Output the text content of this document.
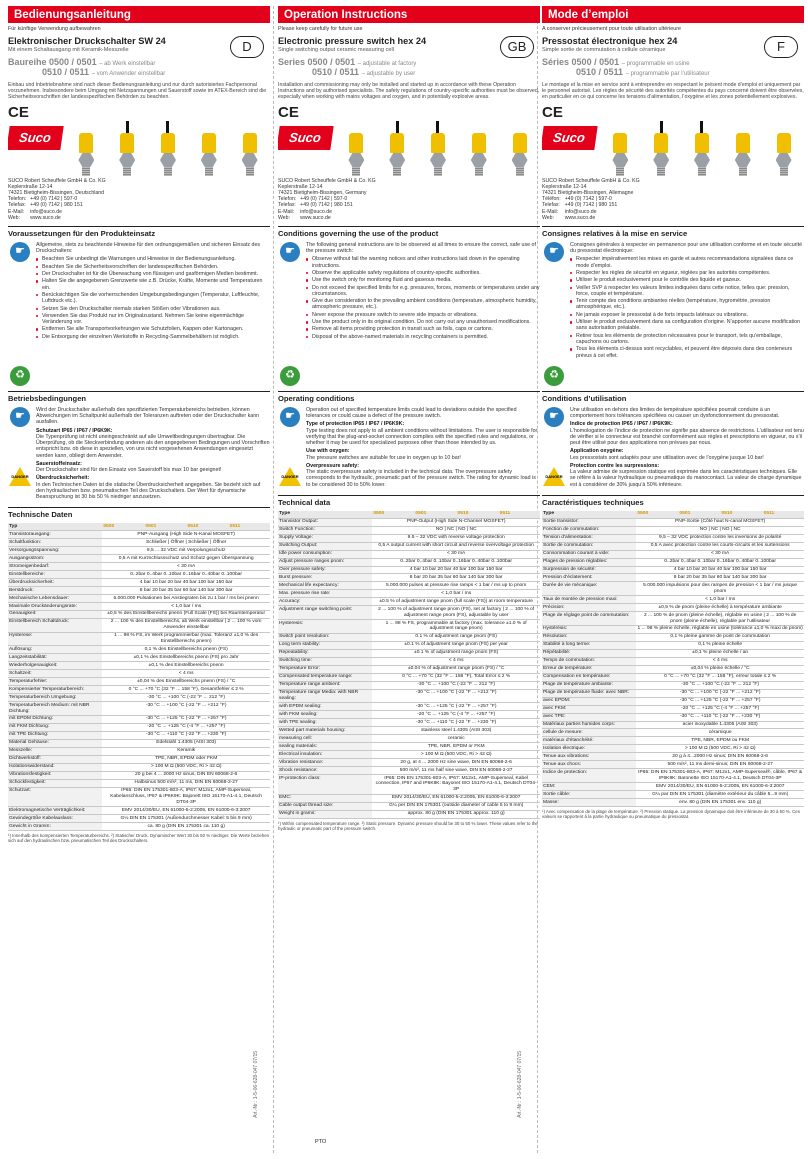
Bedienungsanleitung
Für künftige Verwendung aufbewahren
D
Elektronischer Druckschalter SW 24
Mit einem Schaltausgang mit Keramik-Messzelle
Baureihe 0500 / 0501 – ab Werk einstellbar
0510 / 0511 – vom Anwender einstellbar
Einbau und Inbetriebnahme sind nach dieser Bedienungsanleitung und nur durch autorisiertes Fachpersonal vorzunehmen. Insbesondere beim Umgang mit Netzspannungen und Sauerstoff sowie im ATEX-Bereich sind die Sicherheitsvorschriften der landesspezifischen Behörden zu beachten.
CE
Suco
SUCO Robert Scheuffele GmbH & Co. KG
Keplerstraße 12-14
74321 Bietigheim-Bissingen, Deutschland
Telefon:	+49 (0) 7142 | 597-0
Telefax:	+49 (0) 7142 | 980 151
E-Mail:	info@suco.de
Web:	www.suco.de
Voraussetzungen für den Produkteinsatz
☛
♻

Allgemeine, stets zu beachtende Hinweise für den ordnungsgemäßen und sicheren Einsatz des Druckschalters:

Beachten Sie unbedingt die Warnungen und Hinweise in der Bedienungsanleitung.
Beachten Sie die Sicherheitsvorschriften der landesspezifischen Behörden.
Der Druckschalter ist für die Überwachung von flüssigen und gasförmigen Medien bestimmt.
Halten Sie die angegebenen Grenzwerte wie z.B. Drücke, Kräfte, Momente und Temperaturen ein.
Berücksichtigen Sie die vorherrschenden Umgebungsbedingungen (Temperatur, Luftfeuchte, Luftdruck etc.).
Setzen Sie den Druckschalter niemals starken Stößen oder Vibrationen aus.
Verwenden Sie das Produkt nur im Originalzustand. Nehmen Sie keine eigenmächtige Veränderung vor.
Entfernen Sie alle Transportvorkehrungen wie Schutzfolien, Kappen oder Kartonagen.
Die Entsorgung der einzelnen Werkstoffe in Recycling-Sammelbehältern ist möglich.
Betriebsbedingungen
☛
DANGER

Wird der Druckschalter außerhalb des spezifizierten Temperaturbereichs betrieben, können Abweichungen im Schaltpunkt außerhalb der Toleranzen auftreten oder der Druckschalter kann ausfallen.

Schutzart IP65 / IP67 / IP6K9K:
Die Typenprüfung ist nicht uneingeschränkt auf alle Umweltbedingungen übertragbar. Die Überprüfung, ob die Steckverbindung anderen als den angegebenen Bedingungen und Vorschriften entspricht bzw. ob diese in speziellen, von uns nicht vorgesehenen Anwendungen eingesetzt werden kann, obliegt dem Anwender.

Sauerstoffeinsatz:
Der Druckschalter sind für den Einsatz von Sauerstoff bis max 10 bar geeignet!

Überdrucksicherheit:
In den Technischen Daten ist die statische Überdrucksicherheit angegeben. Sie bezieht sich auf den hydraulischen bzw. pneumatischen Teil des Druckschalters. Der Wert für dynamische Beanspruchung ist 30 bis 50 % niedriger anzusetzen.

Technische Daten
Typ	0500	0501	0510	0511
Transistorausgang:	PNP-Ausgang (High Side N-Kanal MOSFET)			
Schaltfunktion:	Schließer | Öffner | Schließer | Öffner			
Versorgungsspannung:	9,5 ... 32 VDC mit Verpolungsschutz			
Ausgangsstrom:	0,5 A mit Kurzschlussschutz und Schutz gegen Überspannung			
Stromeigenbedarf:	< 30 mA			
Einstellbereiche:	0..2bar 0..4bar 0..10bar 0..16bar 0..40bar 0..100bar			
Überdrucksicherheit:	4 bar 10 bar 20 bar 40 bar 100 bar 150 bar			
Berstdruck:	8 bar 20 bar 35 bar 60 bar 140 bar 300 bar			
Mechanische Lebensdauer:	5.000.000 Pulsationen bei Anstiegraten bis zu 1 bar / ms bei pnenn			
Maximale Druckänderungsrate:	< 1,0 bar / ms			
Genauigkeit:	±0,5 % des Einstellbereichs pnenn (Full Scale (FS)) bei Raumtemperatur			
Einstellbereich Schaltdruck:	2 ... 100 % des Einstellbereichs, ab Werk einstellbar | 2 ... 100 % vom Anwender einstellbar			
Hysterese:	1 ... 98 % FS, im Werk programmierbar (max. Toleranz ±1,0 % des Einstellbereichs pnenn)			
Auflösung:	0,1 % des Einstellbereichs pnenn (FS)			
Langzeitstabilität:	±0,1 % des Einstellbereichs pnenn (FS) pro Jahr			
Wiederholgenauigkeit:	±0,1 % des Einstellbereichs pnenn			
Schaltzeit:	< 4 ms			
Temperaturfehler:	±0,04 % des Einstellbereichs pnenn (FS) / °C			
Kompensierter Temperaturbereich:	0 °C ... +70 °C (32 °F ... 158 °F), Gesamtfehler ≤ 2 %			
Temperaturbereich Umgebung:	-30 °C ... +100 °C (-22 °F ... 212 °F)			
Temperaturbereich Medium: mit NBR Dichtung:	-30 °C ... +100 °C (-22 °F ... +212 °F)			
mit EPDM Dichtung:	-30 °C ... +125 °C (-22 °F ... +257 °F)			
mit FKM Dichtung:	-20 °C ... +125 °C (-4 °F ... +257 °F)			
mit TPE Dichtung:	-30 °C ... +110 °C (-22 °F ... +230 °F)			
Material Gehäuse:	Edelstahl 1.4305 (AISI 303)			
Messzelle:	Keramik			
Dichtwerkstoff:	TPE, NBR, EPDM oder FKM			
Isolationswiderstand:	> 100 M Ω (500 VDC, Ri > 42 Ω)			
Vibrationsfestigkeit:	20 g bei 4 ... 2000 Hz sinus, DIN EN 60068-2-6			
Schockfestigkeit:	Halbsinus 500 m/s², 11 ms, DIN EN 60068-2-27			
Schutzart:	IP65: DIN EN 175301-803-A, IP67: M12x1, AMP-Superseal, Kabelanschluss, IP67 & IP6K9K: Bajonett ISO 15170-A1-4.1, Deutsch DT04-3P			
Elektromagnetische Verträglichkeit:	EMV 2014/30/EU, EN 61000-5-2:2005, EN 61000-6-3:2007			
Gewindegröße Kabelauslass:	G¼ DIN EN 175301 (Außendurchmesser Kabel: 5 bis 9 mm)			
Gewicht in Gramm:	ca. 80 g (DIN EN 175301 ca. 110 g)			
¹) Innerhalb des kompensierten Temperaturbereichs. ²) Statischer Druck. Dynamischer Wert 30 bis 50 % niedriger. Die Werte beziehen sich auf den hydraulischen bzw. pneumatischen Teil des Druckschalters.
Operation Instructions
Please keep carefully for future use
GB
Electronic pressure switch hex 24
Single switching output ceramic measuring cell
Series 0500 / 0501 – adjustable at factory
0510 / 0511 – adjustable by user
Installation and commissioning may only be installed and started up in accordance with these Operation Instructions and by authorised specialists. The safety regulations of country-specific authorities must be observed, especially when working with mains voltages and oxygen, and in potentially explosive areas.
CE
Suco
SUCO Robert Scheuffele GmbH & Co. KG
Keplerstraße 12-14
74321 Bietigheim-Bissingen, Germany
Telefon:	+49 (0) 7142 | 597-0
Telefax:	+49 (0) 7142 | 980 151
E-Mail:	info@suco.de
Web:	www.suco.de
Conditions governing the use of the product
☛
♻

The following general instructions are to be observed at all times to ensure the correct, safe use of the pressure switch:

Observe without fail the warning notices and other instructions laid down in the operating instructions.
Observe the applicable safety regulations of country-specific authorities.
Use the switch only for monitoring fluid and gaseous media.
Do not exceed the specified limits for e.g. pressures, forces, moments or temperatures under any circumstances.
Give due consideration to the prevailing ambient conditions (temperature, atmospheric humidity, atmospheric pressure, etc.).
Never expose the pressure switch to severe side impacts or vibrations.
Use the product only in its original condition. Do not carry out any unauthorised modifications.
Remove all items providing protection in transit such as foils, caps or cartons.
Disposal of the above-named materials in recycling containers is permitted.
Operating conditions
☛
DANGER

Operation out of specified temperature limits could lead to deviations outside the specified tolerances or could cause a defect of the pressure switch.

Type of protection IP65 / IP67 / IP6K9K:
Type testing does not apply to all ambient conditions without limitations. The user is responsible for verifying that the plug-and-socket connection complies with the specified rules and regulations, or whether it may be used for specialized purposes other than those intended by us.

Use with oxygen:
The pressure switches are suitable for use in oxygen up to 10 bar!

Overpressure safety:
The static overpressure safety is included in the technical data. The overpressure safety corresponds to the hydraulic, pneumatic part of the pressure switch. The rating for dynamic load is to be considered 30 to 50% lower.

Technical data
Type	0500	0501	0510	0511
Transistor Output:	PNP-Output (High Side N-Channel MOSFET)			
Switch Function:	NO | NC | NO | NC			
Supply Voltage:	9.5 – 32 VDC with reverse voltage protection			
Switching Output:	0,5 A output current with short circuit and reverse overvoltage protection			
Idle power consumption:	< 30 mA			
Adjust pressure ranges pnom:	0..2bar 0..4bar 0..10bar 0..16bar 0..40bar 0..100bar			
Over pressure safety:	4 bar 10 bar 20 bar 40 bar 100 bar 150 bar			
Burst pressure:	8 bar 20 bar 35 bar 60 bar 140 bar 300 bar			
Mechanical life expectancy:	5.000.000 pulses at pressure rise ramps < 1 bar / ms up to pnom			
Max. pressure rise rate:	< 1,0 bar / ms			
Accuracy:	±0.5 % of adjustment range pnom (full scale (FS)) at room temperature			
Adjustment range switching point:	2 ... 100 % of adjustment range pnom (FS), set at factory | 2 ... 100 % of adjustment range pnom (FS), adjustable by user			
Hysteresis:	1 ... 98 % FS, programmable at factory (max. tolerance ±1.0 % of adjustment range pnom)			
Switch point resolution:	0.1 % of adjustment range pnom (FS)			
Long term stability:	±0.1 % of adjustment range pnom (FS) per year			
Repeatability:	±0.1 % of adjustment range pnom (FS)			
Switching time:	< 4 ms			
Temperature Error:	±0.04 % of adjustment range pnom (FS) / °C			
Compensated temperature range:	0 °C ... +70 °C (32 °F ... 158 °F), Total Error ≤ 2 %			
Temperature range ambient:	-30 °C ... +100 °C (-22 °F ... 212 °F)			
Temperature range Media: with NBR sealing:	-30 °C ... +100 °C (-22 °F ... +212 °F)			
with EPDM sealing:	-30 °C ... +125 °C (-22 °F ... +257 °F)			
with FKM sealing:	-20 °C ... +125 °C (-4 °F ... +257 °F)			
with TPE sealing:	-30 °C ... +110 °C (-22 °F ... +230 °F)			
Wetted part materials housing:	stainless steel 1.4305 (AISI 303)			
measuring cell:	ceramic			
sealing materials:	TPE, NBR, EPDM or FKM			
Electrical insulation:	> 100 M Ω (500 VDC, Ri > 42 Ω)			
Vibration resistance:	20 g, at 4 ... 2000 Hz sine wave, DIN EN 60068-2-6			
Shock resistance:	500 m/s², 11 ms half sine wave, DIN EN 60068-2-27			
IP-protection class:	IP65: DIN EN 175301-803-A, IP67: M12x1, AMP-Superseal, Kabel connection, IP67 and IP6K9K: Bayonet ISO 15170-A1-4.1, Deutsch DT04-3P			
EMC:	EMV 2014/30/EU, EN 61000-5-2:2005, EN 61000-6-3:2007			
Cable output thread size:	G¼ per DIN EN 175301 (outside diameter of cable 5 to 9 mm)			
Weight in grams:	approx. 80 g (DIN EN 175301 approx. 110 g)			
¹) Within compensated temperature range. ²) Static pressure. Dynamic pressure should be 30 to 50 % lower. These values refer to the hydraulic or pneumatic part of the pressure switch.
Mode d’emploi
A conserver précieusement pour toute utilisation ultérieure
F
Pressostat électronique hex 24
Simple sortie de commutation à cellule céramique
Séries 0500 / 0501 – programmable en usine
0510 / 0511 – programmable par l’utilisateur
Le montage et la mise en service sont à entreprendre en respectant le présent mode d’emploi et uniquement par le personnel autorisé. Les règles de sécurité des autorités compétentes du pays concerné doivent être observées, en particulier en ce qui concerne les tensions d’alimentation, l’oxygène et les zones potentiellement explosives.
CE
Suco
SUCO Robert Scheuffele GmbH & Co. KG
Keplerstraße 12-14
74321 Bietigheim-Bissingen, Allemagne
Téléfon:	+49 (0) 7142 | 597-0
Telefax:	+49 (0) 7142 | 980 151
E-Mail:	info@suco.de
Web:	www.suco.de
Consignes relatives à la mise en service
☛
♻

Consignes générales à respecter en permanence pour une utilisation conforme et en toute sécurité du pressostat électronique:

Respecter impérativement les mises en garde et autres recommandations signalées dans ce mode d’emploi.
Respecter les règles de sécurité en vigueur, réglées par les autorités compétentes.
Utiliser le produit exclusivement pour le contrôle des liquide et gazeux.
Veiller SVP à respecter les valeurs limites indiquées dans cette notice, telles que: pression, force, couple et température.
Tenir compte des conditions ambiantes réelles (température, hygrométrie, pression atmosphérique, etc.).
Ne jamais exposer le pressostat à de forts impacts latéraux ou vibrations.
Utiliser le produit exclusivement dans sa configuration d’origine. N’apporter aucune modification sans autorisation préalable.
Retirer tous les éléments de protection nécessaires pour le transport, tels qu’emballage, capuchons ou cartons.
Tous les éléments ci-dessus sont recyclables, et peuvent être déposés dans des conteneurs prévus à cet effet.
Conditions d’utilisation
☛
DANGER

Une utilisation en dehors des limites de température spécifiées pourrait conduire à un comportement hors tolérances spécifiées ou causer un dysfonctionnement du pressostat.

Indice de protection IP65 / IP67 / IP6K9K:
L’homologation de l’indice de protection ne signifie pas absence de restrictions. L’utilisateur est tenu de vérifier si le connecteur est branché conformément aux règles et prescriptions en vigueur, ou s’il peut être utilisé pour des applications non prévues par nous.

Application oxygène:
Les pressostats sont adaptés pour une utilisation avec de l’oxygène jusque 10 bar!

Protection contre les surpressions:
La valeur admise de surpression statique est exprimée dans les caractéristiques techniques. Elle se réfère à la valeur hydraulique ou pneumatique du manocontact. La valeur de charge dynamique est à considérer de 30% jusqu’à 50% inférieure.

Caractéristiques techniques
Type	0500	0501	0510	0511
Sortie transistor:	PNP-Sortie (Côté haut N-canal MOSFET)			
Fonction de commutation:	NO | NC | NO | NC			
Tension d’alimentation:	9,5 – 32 VDC protection contre les inversions de polarité			
Sortie de commutation:	0,5 A avec protection contre les courts-circuits et les surtensions			
Consommation courant à vide:	< 30 mA			
Plages de pression réglables:	0..2bar 0..4bar 0..10bar 0..16bar 0..40bar 0..100bar			
Surpression de sécurité:	4 bar 10 bar 20 bar 40 bar 100 bar 150 bar			
Pression d’éclatement:	8 bar 20 bar 35 bar 60 bar 140 bar 300 bar			
Durée de vie mécanique:	5.000.000 impulsions pour des rampes de pression < 1 bar / ms jusque pnom			
Taux de montée de pression maxi:	< 1,0 bar / ms			
Précision:	±0,5 % de pnom (pleine échelle) à température ambiante			
Plage de réglage point de commutation:	2 ... 100 % de pnom (pleine échelle), réglable en usine | 2 ... 100 % de pnom (pleine échelle), réglable par l’utilisateur			
Hystérésis:	1 ... 98 % pleine échelle, réglable en usine (tolérance ±1,0 % maxi de pnom)			
Résolution:	0,1 % pleine gamme de point de commutation			
Stabilité à long terme:	0,1 % pleine échelle			
Répétabilité:	±0,1 % pleine échelle / an			
Temps de commutation:	< 4 ms			
Erreur de température:	±0,04 % pleine échelle / °C			
Compensation en température:	0 °C ... +70 °C (32 °F ... 158 °F), erreur totale ≤ 2 %			
Plage de température ambiante:	-30 °C ... +100 °C (-22 °F ... 212 °F)			
Plage de température fluide: avec NBR:	-30 °C ... +100 °C (-22 °F ... +212 °F)			
avec EPDM:	-30 °C ... +125 °C (-22 °F ... +257 °F)			
avec FKM:	-20 °C ... +125 °C (-4 °F ... +257 °F)			
avec TPE:	-30 °C ... +110 °C (-22 °F ... +230 °F)			
Matériaux parties humides corps:	acier inoxydable 1.4305 (AISI 303)			
cellule de mesure:	céramique			
matériaux d’étanchéité:	TPE, NBR, EPDM ou FKM			
Isolation électrique:	> 100 M Ω (500 VDC, Ri > 42 Ω)			
Tenue aux vibrations:	20 g à 4...2000 Hz sinus; DIN EN 60068-2-6			
Tenue aux chocs:	500 m/s², 11 ms demi-sinus; DIN EN 60068-2-27			
Indice de protection:	IP65: DIN EN 175301-803-A, IP67: M12x1, AMP-Superseal®, câble, IP67 & IP6K9K: Baïonette ISO 15170-A1-4.1, Deutsch DT04-3P			
CEM:	EMV 2014/30/EU, EN 61000-5-2:2005, EN 61000-6-3:2007			
Sortie câble:	G¼ par DIN EN 175301 (diamètre extérieur du câble 5...9 mm)			
Masse:	env. 80 g (DIN EN 175301 env. 110 g)			
¹) Avec compensation de la plage de température. ²) Pression statique. La pression dynamique doit être inférieure de 30 à 50 %. Ces valeurs se rapportent à la partie hydraulique ou pneumatique du pressostat.
Art.-Nr.: 1-5-06-628-047 07/15	Art.-Nr.: 1-5-06-628-047 07/15
PTO
